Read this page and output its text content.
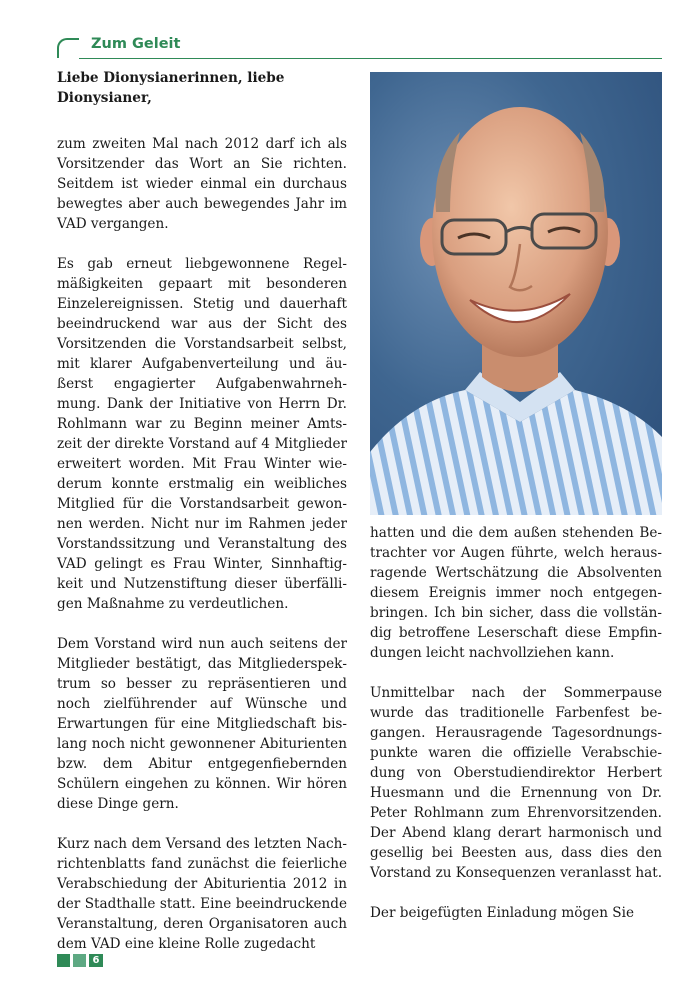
Zum Geleit

Liebe Dionysianerinnen, liebe Dionysianer,

zum zweiten Mal nach 2012 darf ich als Vorsitzender das Wort an Sie richten. Seitdem ist wieder einmal ein durchaus bewegtes aber auch bewegendes Jahr im VAD vergangen.

Es gab erneut liebgewonnene Regelmäßigkeiten gepaart mit besonderen Einzelereignissen. Stetig und dauerhaft beeindruckend war aus der Sicht des Vorsitzenden die Vorstandsarbeit selbst, mit klarer Aufgabenverteilung und äußerst engagierter Aufgabenwahrnehmung. Dank der Initiative von Herrn Dr. Rohlmann war zu Beginn meiner Amtszeit der direkte Vorstand auf 4 Mitglieder erweitert worden. Mit Frau Winter wiederum konnte erstmalig ein weibliches Mitglied für die Vorstandsarbeit gewonnen werden. Nicht nur im Rahmen jeder Vorstandssitzung und Veranstaltung des VAD gelingt es Frau Winter, Sinnhaftigkeit und Nutzenstiftung dieser überfälligen Maßnahme zu verdeutlichen.

Dem Vorstand wird nun auch seitens der Mitglieder bestätigt, das Mitgliederspektrum so besser zu repräsentieren und noch zielführender auf Wünsche und Erwartungen für eine Mitgliedschaft bislang noch nicht gewonnener Abiturienten bzw. dem Abitur entgegenfiebernden Schülern eingehen zu können. Wir hören diese Dinge gern.

Kurz nach dem Versand des letzten Nachrichtenblatts fand zunächst die feierliche Verabschiedung der Abiturientia 2012 in der Stadthalle statt. Eine beeindruckende Veranstaltung, deren Organisatoren auch dem VAD eine kleine Rolle zugedacht

hatten und die dem außen stehenden Betrachter vor Augen führte, welch herausragende Wertschätzung die Absolventen diesem Ereignis immer noch entgegenbringen. Ich bin sicher, dass die vollständig betroffene Leserschaft diese Empfindungen leicht nachvollziehen kann.

Unmittelbar nach der Sommerpause wurde das traditionelle Farbenfest begangen. Herausragende Tagesordnungspunkte waren die offizielle Verabschiedung von Oberstudiendirektor Herbert Huesmann und die Ernennung von Dr. Peter Rohlmann zum Ehrenvorsitzenden. Der Abend klang derart harmonisch und gesellig bei Beesten aus, dass dies den Vorstand zu Konsequenzen veranlasst hat.

Der beigefügten Einladung mögen Sie

6
